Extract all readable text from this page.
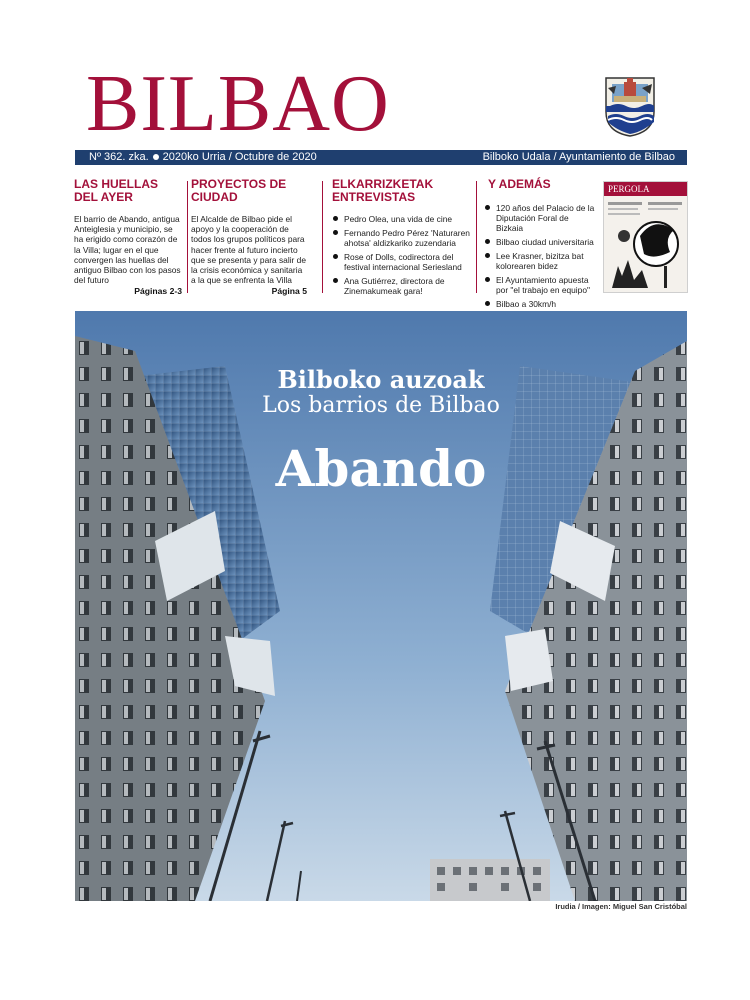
BILBAO
Nº 362. zka. 2020ko Urria / Octubre de 2020	Bilboko Udala / Ayuntamiento de Bilbao
LAS HUELLAS DEL AYER

El barrio de Abando, antigua Anteiglesia y municipio, se ha erigido como corazón de la Villa; lugar en el que convergen las huellas del antiguo Bilbao con los pasos del futuro

Páginas 2-3
PROYECTOS DE CIUDAD

El Alcalde de Bilbao pide el apoyo y la cooperación de todos los grupos políticos para hacer frente al futuro incierto que se presenta y para salir de la crisis económica y sanitaria a la que se enfrenta la Villa

Página 5
ELKARRIZKETAK ENTREVISTAS
Pedro Olea, una vida de cine
Fernando Pedro Pérez 'Naturaren ahotsa' aldizkariko zuzendaria
Rose of Dolls, codirectora del festival internacional Seriesland
Ana Gutiérrez, directora de Zinemakumeak gara!
Y ADEMÁS
120 años del Palacio de la Diputación Foral de Bizkaia
Bilbao ciudad universitaria
Lee Krasner, bizitza bat kolorearen bidez
El Ayuntamiento apuesta por "el trabajo en equipo"
Bilbao a 30km/h
PERGOLA
Bilboko auzoak
Los barrios de Bilbao
Abando
Irudia / Imagen: Miguel San Cristóbal
